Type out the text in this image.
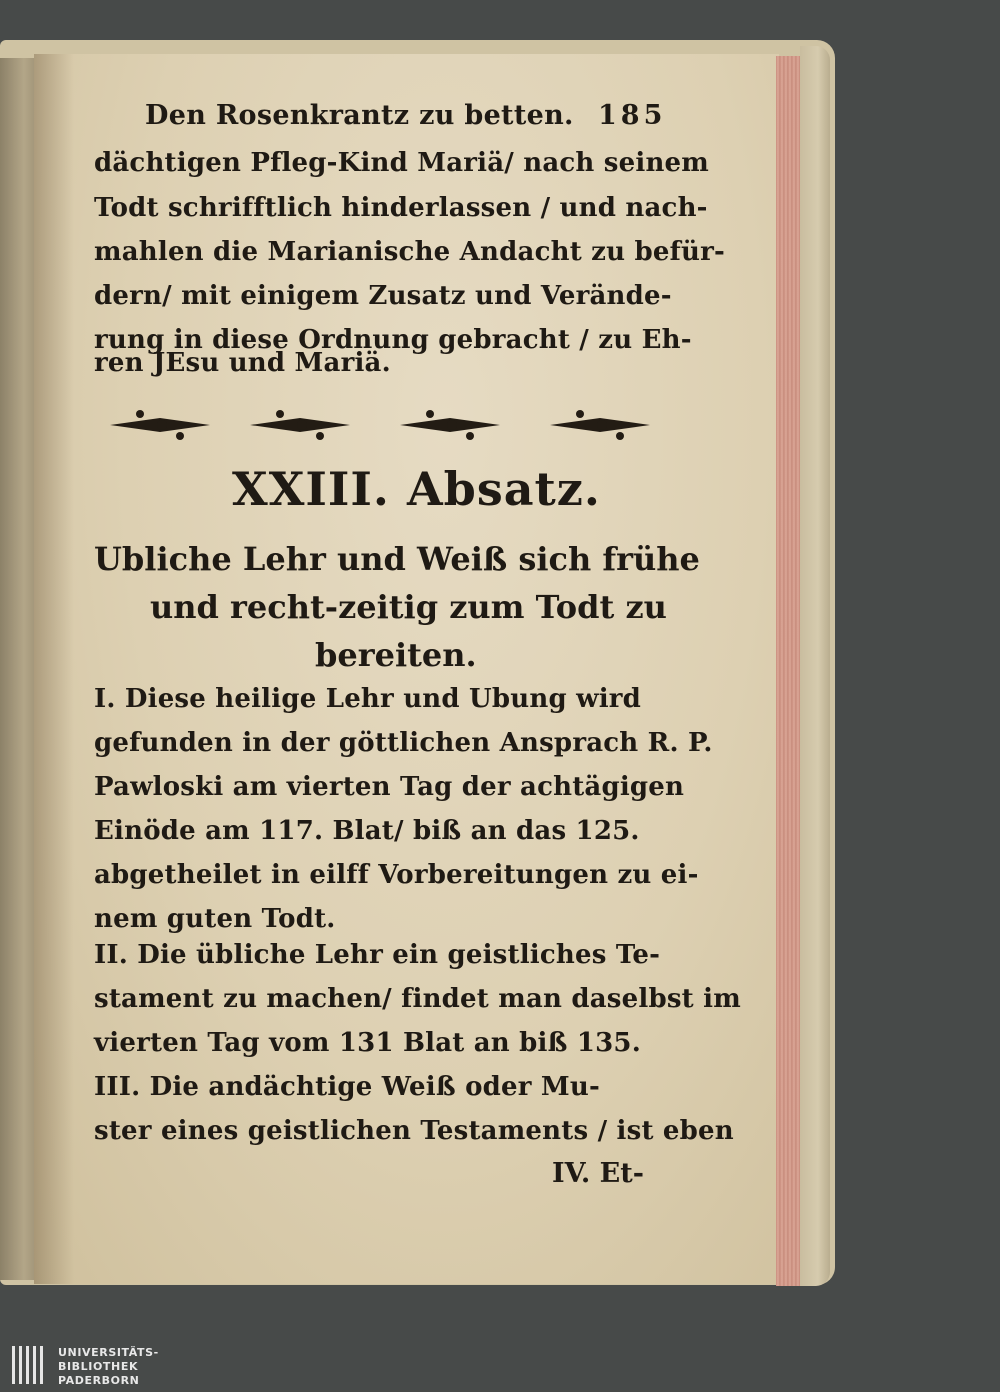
Den Rosenkrantz zu betten. 185
dächtigen Pfleg-Kind Mariä/ nach seinem
Todt schrifftlich hinderlassen / und nach-
mahlen die Marianische Andacht zu befür-
dern/ mit einigem Zusatz und Verände-
rung in diese Ordnung gebracht / zu Eh-
ren JEsu und Mariä.
XXIII. Absatz.
Ubliche Lehr und Weiß sich frühe
und recht-zeitig zum Todt zu
bereiten.
I. Diese heilige Lehr und Ubung wird
gefunden in der göttlichen Ansprach R. P.
Pawloski am vierten Tag der achtägigen
Einöde am 117. Blat/ biß an das 125.
abgetheilet in eilff Vorbereitungen zu ei-
nem guten Todt.
II. Die übliche Lehr ein geistliches Te-
stament zu machen/ findet man daselbst im
vierten Tag vom 131 Blat an biß 135.
III. Die andächtige Weiß oder Mu-
ster eines geistlichen Testaments / ist eben
IV. Et-
UNIVERSITÄTS-
BIBLIOTHEK
PADERBORN
